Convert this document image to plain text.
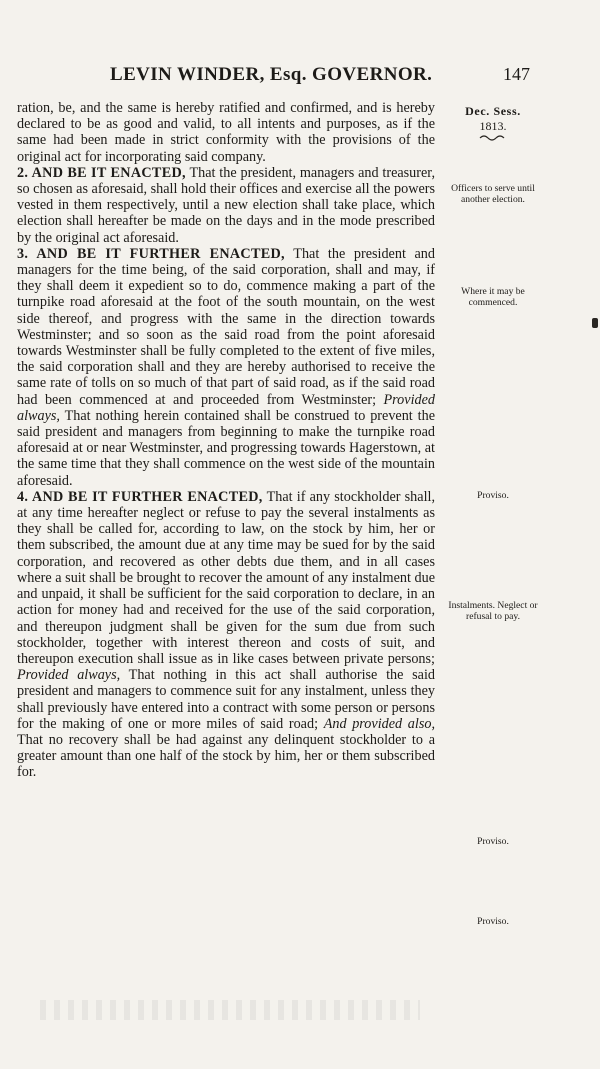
LEVIN WINDER, Esq. GOVERNOR.	147
Dec. Sess.
1813.
Officers to serve until another election.
Where it may be commenced.
Proviso.
Instalments. Neglect or refusal to pay.
Proviso.
Proviso.

ration, be, and the same is hereby ratified and confirmed, and is hereby declared to be as good and valid, to all intents and purposes, as if the same had been made in strict conformity with the provisions of the original act for incorporating said company.

2. AND BE IT ENACTED, That the president, managers and treasurer, so chosen as aforesaid, shall hold their offices and exercise all the powers vested in them respectively, until a new election shall take place, which election shall hereafter be made on the days and in the mode prescribed by the original act aforesaid.

3. AND BE IT FURTHER ENACTED, That the president and managers for the time being, of the said corporation, shall and may, if they shall deem it expedient so to do, commence making a part of the turnpike road aforesaid at the foot of the south mountain, on the west side thereof, and progress with the same in the direction towards Westminster; and so soon as the said road from the point aforesaid towards Westminster shall be fully completed to the extent of five miles, the said corporation shall and they are hereby authorised to receive the same rate of tolls on so much of that part of said road, as if the said road had been commenced at and proceeded from Westminster; Provided always, That nothing herein contained shall be construed to prevent the said president and managers from beginning to make the turnpike road aforesaid at or near Westminster, and progressing towards Hagerstown, at the same time that they shall commence on the west side of the mountain aforesaid.

4. AND BE IT FURTHER ENACTED, That if any stockholder shall, at any time hereafter neglect or refuse to pay the several instalments as they shall be called for, according to law, on the stock by him, her or them subscribed, the amount due at any time may be sued for by the said corporation, and recovered as other debts due them, and in all cases where a suit shall be brought to recover the amount of any instalment due and unpaid, it shall be sufficient for the said corporation to declare, in an action for money had and received for the use of the said corporation, and thereupon judgment shall be given for the sum due from such stockholder, together with interest thereon and costs of suit, and thereupon execution shall issue as in like cases between private persons; Provided always, That nothing in this act shall authorise the said president and managers to commence suit for any instalment, unless they shall previously have entered into a contract with some person or persons for the making of one or more miles of said road; And provided also, That no recovery shall be had against any delinquent stockholder to a greater amount than one half of the stock by him, her or them subscribed for.
